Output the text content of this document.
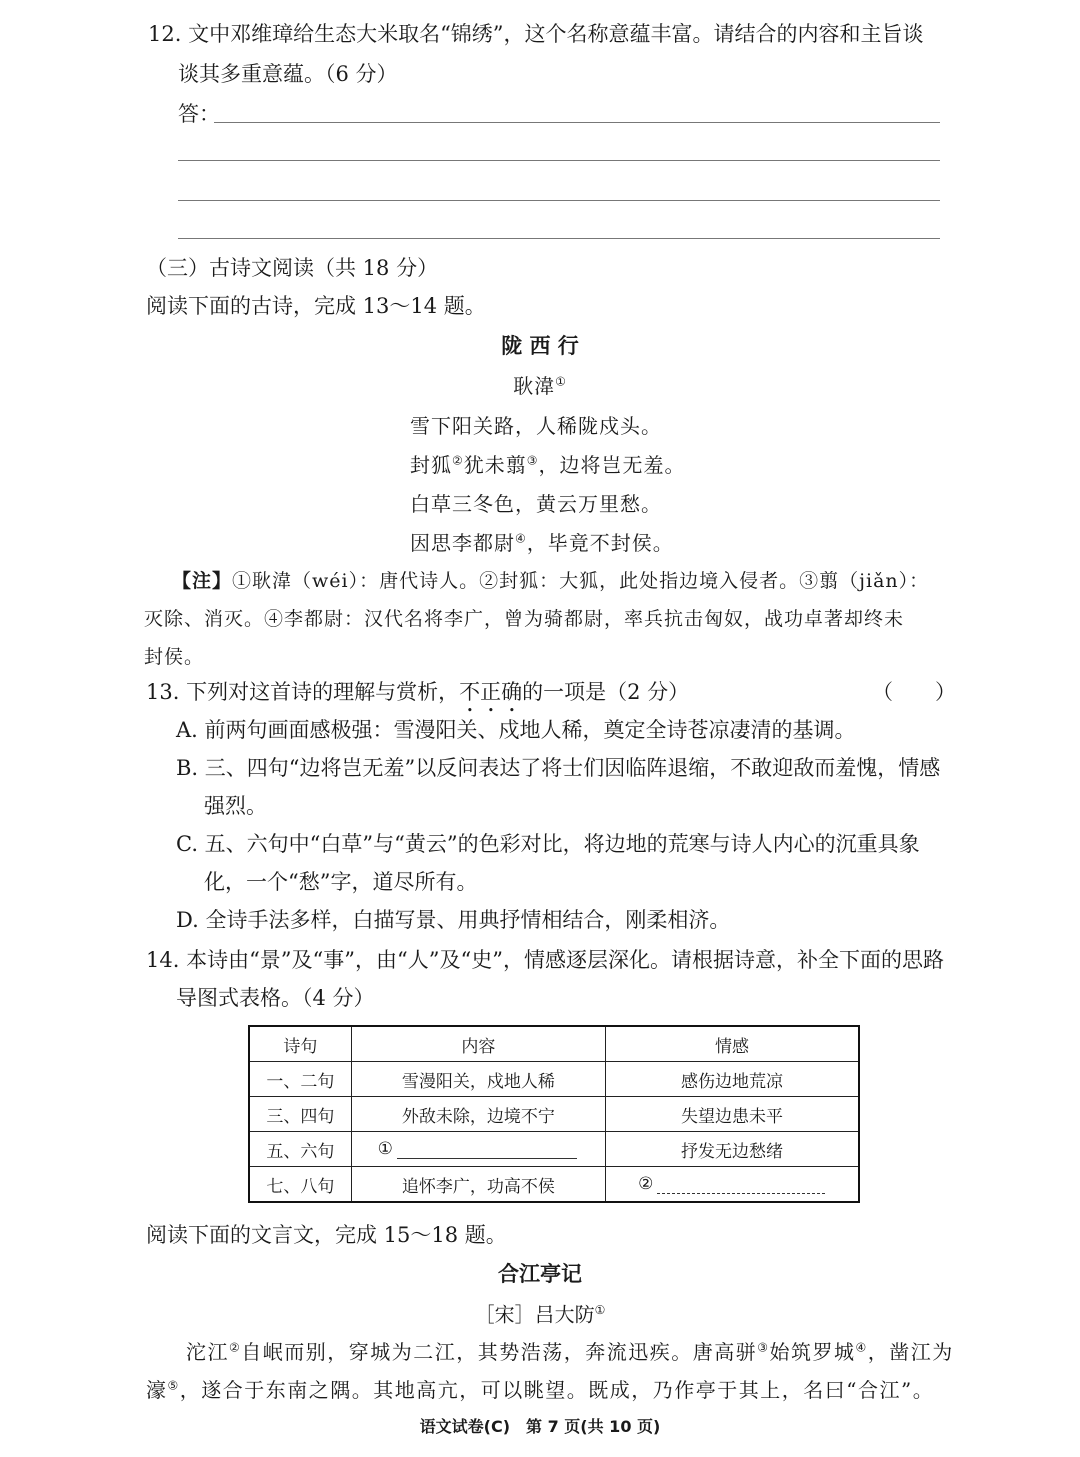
12. 文中邓维璋给生态大米取名“锦绣”，这个名称意蕴丰富。请结合的内容和主旨谈
谈其多重意蕴。（6 分）
答：
（三）古诗文阅读（共 18 分）
阅读下面的古诗，完成 13～14 题。
陇 西 行
耿湋①
雪下阳关路，人稀陇戍头。
封狐②犹未翦③，边将岂无羞。
白草三冬色，黄云万里愁。
因思李都尉④，毕竟不封侯。
【注】①耿湋（wéi）：唐代诗人。②封狐：大狐，此处指边境入侵者。③翦（jiǎn）：
灭除、消灭。④李都尉：汉代名将李广，曾为骑都尉，率兵抗击匈奴，战功卓著却终未
封侯。
13. 下列对这首诗的理解与赏析，不正确的一项是（2 分）	（　　）
A. 前两句画面感极强：雪漫阳关、戍地人稀，奠定全诗苍凉凄清的基调。
B. 三、四句“边将岂无羞”以反问表达了将士们因临阵退缩，不敢迎敌而羞愧，情感
强烈。
C. 五、六句中“白草”与“黄云”的色彩对比，将边地的荒寒与诗人内心的沉重具象
化，一个“愁”字，道尽所有。
D. 全诗手法多样，白描写景、用典抒情相结合，刚柔相济。
14. 本诗由“景”及“事”，由“人”及“史”，情感逐层深化。请根据诗意，补全下面的思路
导图式表格。（4 分）
诗句	内容	情感
一、二句	雪漫阳关，戍地人稀	感伤边地荒凉
三、四句	外敌未除，边境不宁	失望边患未平
五、六句	①	抒发无边愁绪
七、八句	追怀李广，功高不侯	②
阅读下面的文言文，完成 15～18 题。
合江亭记
［宋］吕大防①
沱江②自岷而别，穿城为二江，其势浩荡，奔流迅疾。唐高骈③始筑罗城④，凿江为
濠⑤，遂合于东南之隅。其地高亢，可以眺望。既成，乃作亭于其上，名曰“合江”。
语文试卷(C)　第 7 页(共 10 页)
